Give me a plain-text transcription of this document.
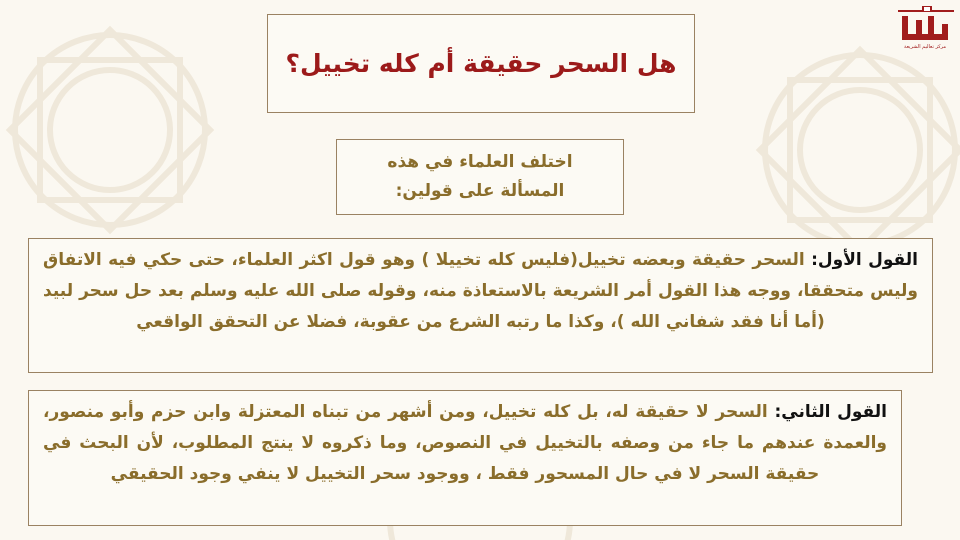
مركز تعاليم الشريعة
هل السحر حقيقة أم كله تخييل؟
اختلف العلماء في هذه المسألة على قولين:
القول الأول: السحر حقيقة وبعضه تخييل(فليس كله تخييلا ) وهو قول اكثر العلماء، حتى حكي فيه الاتفاق وليس متحققا، ووجه هذا القول أمر الشريعة بالاستعاذة منه، وقوله صلى الله عليه وسلم بعد حل سحر لبيد (أما أنا فقد شفاني الله )، وكذا ما رتبه الشرع من عقوبة، فضلا عن التحقق الواقعي
القول الثاني: السحر لا حقيقة له، بل كله تخييل، ومن أشهر من تبناه المعتزلة وابن حزم وأبو منصور، والعمدة عندهم ما جاء من وصفه بالتخييل في النصوص، وما ذكروه لا ينتج المطلوب، لأن البحث في حقيقة السحر لا في حال المسحور فقط ، ووجود سحر التخييل لا ينفي وجود الحقيقي
